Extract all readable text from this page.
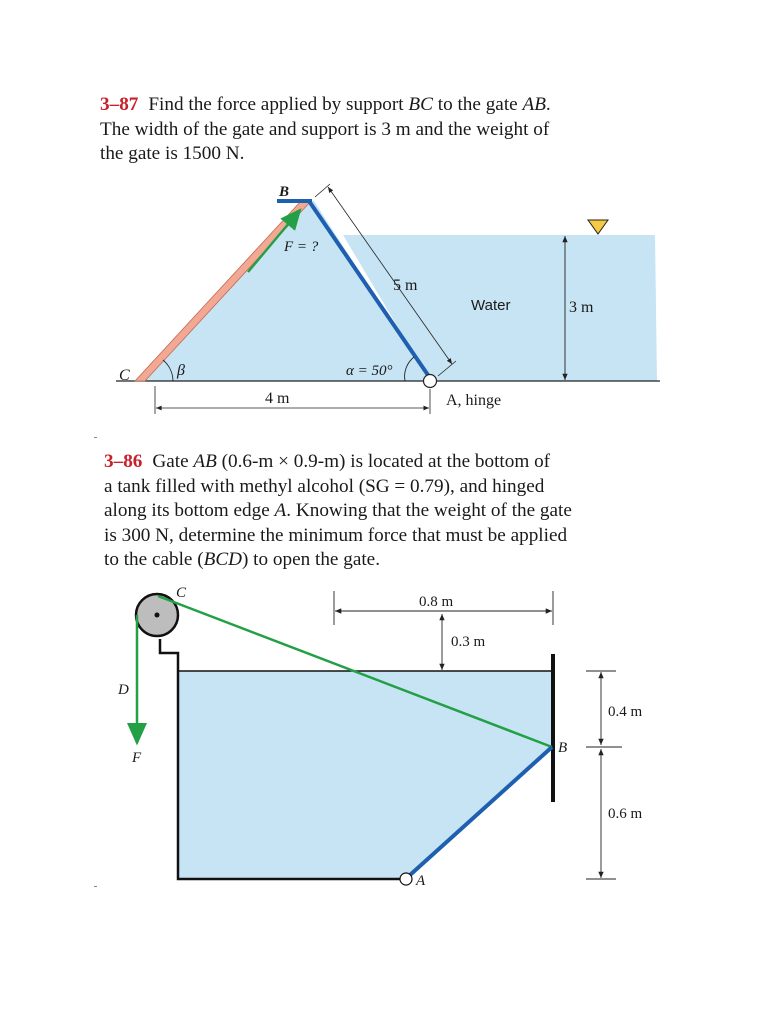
3–87 Find the force applied by support BC to the gate AB.
The width of the gate and support is 3 m and the weight of
the gate is 1500 N.
B
C	β
F = ?
5 m
Water	3 m
α = 50°
4 m	A, hinge
3–86 Gate AB (0.6-m × 0.9-m) is located at the bottom of
a tank filled with methyl alcohol (SG = 0.79), and hinged
along its bottom edge A. Knowing that the weight of the gate
is 300 N, determine the minimum force that must be applied
to the cable (BCD) to open the gate.
C
D
F
0.8 m
0.3 m
0.4 m
B
0.6 m
A
